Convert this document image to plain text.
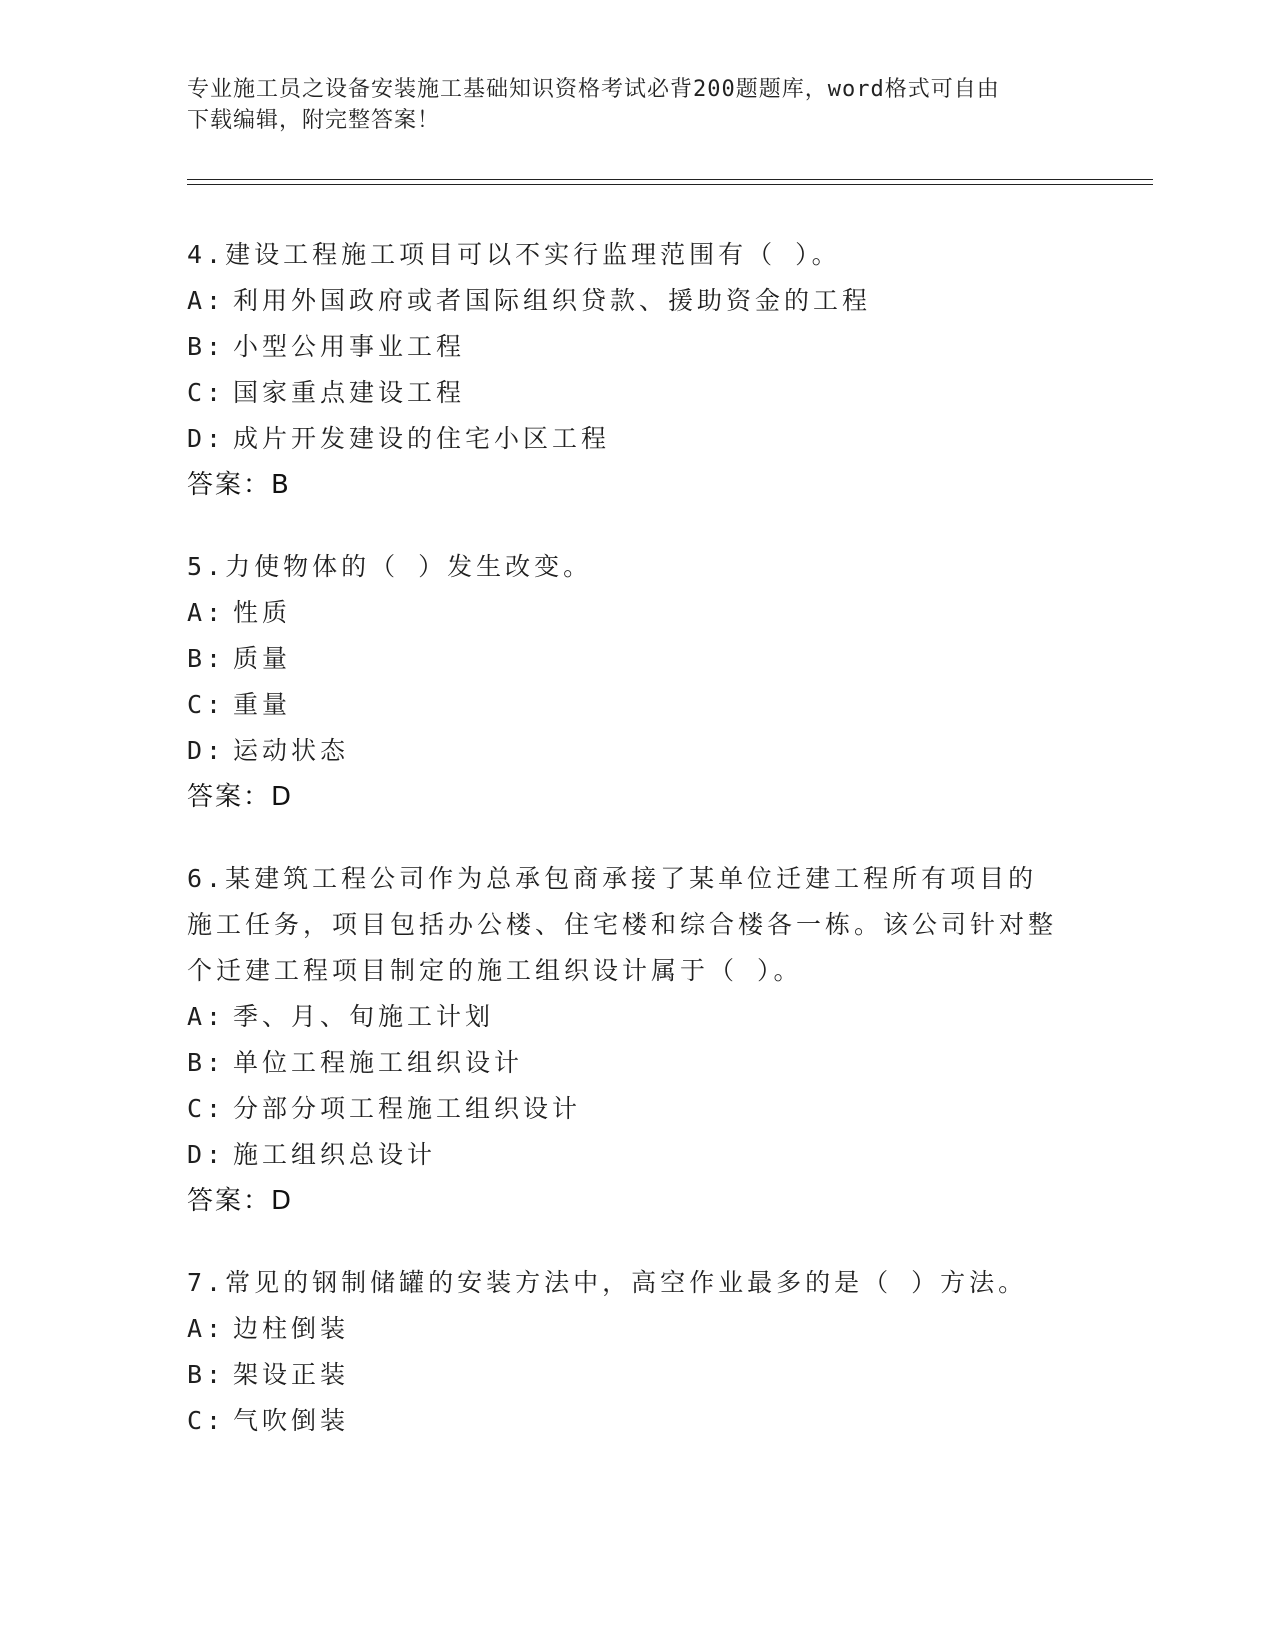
专业施工员之设备安装施工基础知识资格考试必背200题题库，word格式可自由
下载编辑，附完整答案！
4.建设工程施工项目可以不实行监理范围有（ ）。
A: 利用外国政府或者国际组织贷款、援助资金的工程
B: 小型公用事业工程
C: 国家重点建设工程
D: 成片开发建设的住宅小区工程
答案：B
5.力使物体的（ ）发生改变。
A: 性质
B: 质量
C: 重量
D: 运动状态
答案：D
6.某建筑工程公司作为总承包商承接了某单位迁建工程所有项目的施工任务，项目包括办公楼、住宅楼和综合楼各一栋。该公司针对整个迁建工程项目制定的施工组织设计属于（ ）。
A: 季、月、旬施工计划
B: 单位工程施工组织设计
C: 分部分项工程施工组织设计
D: 施工组织总设计
答案：D
7.常见的钢制储罐的安装方法中，高空作业最多的是（ ）方法。
A: 边柱倒装
B: 架设正装
C: 气吹倒装
